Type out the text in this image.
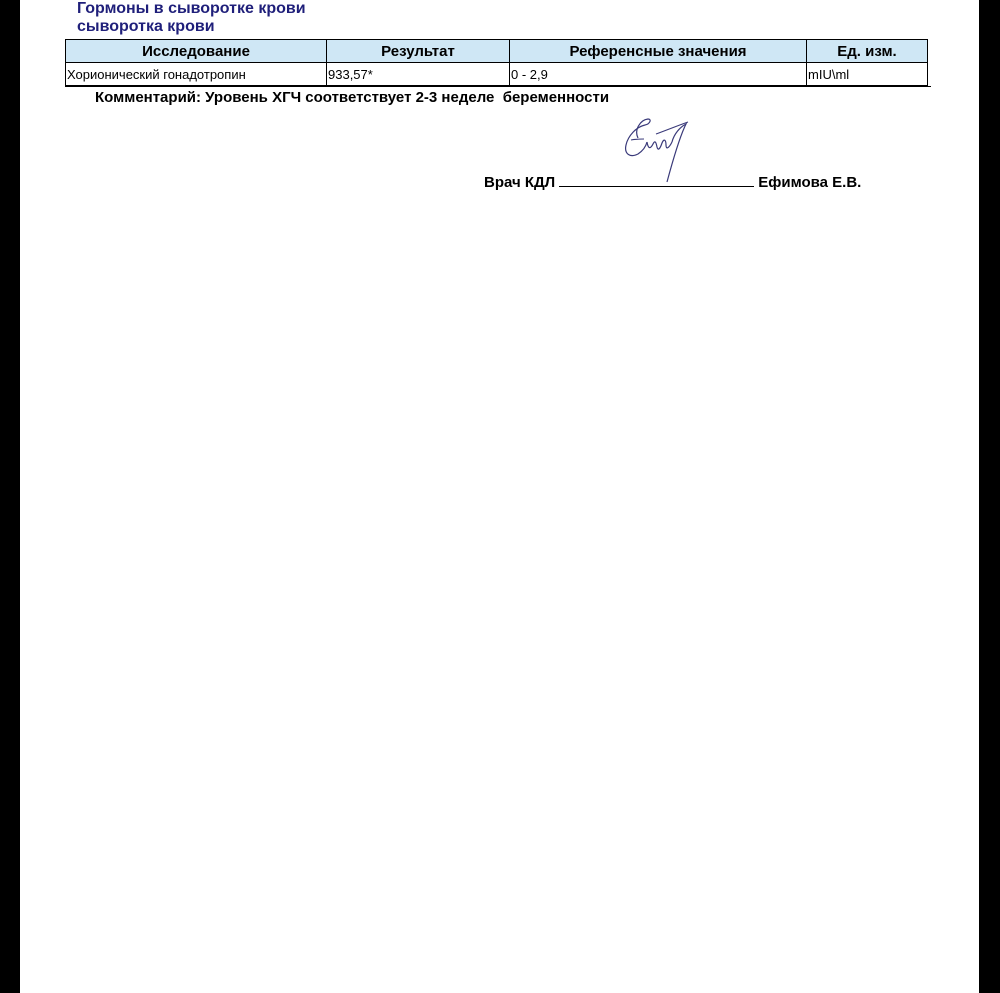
Гормоны в сыворотке крови
сыворотка крови
Исследование	Результат	Референсные значения	Ед. изм.
Хорионический гонадотропин	933,57*	0 - 2,9	mIU\ml
Комментарий: Уровень ХГЧ соответствует 2-3 неделе  беременности
Врач КДЛ	Ефимова Е.В.
